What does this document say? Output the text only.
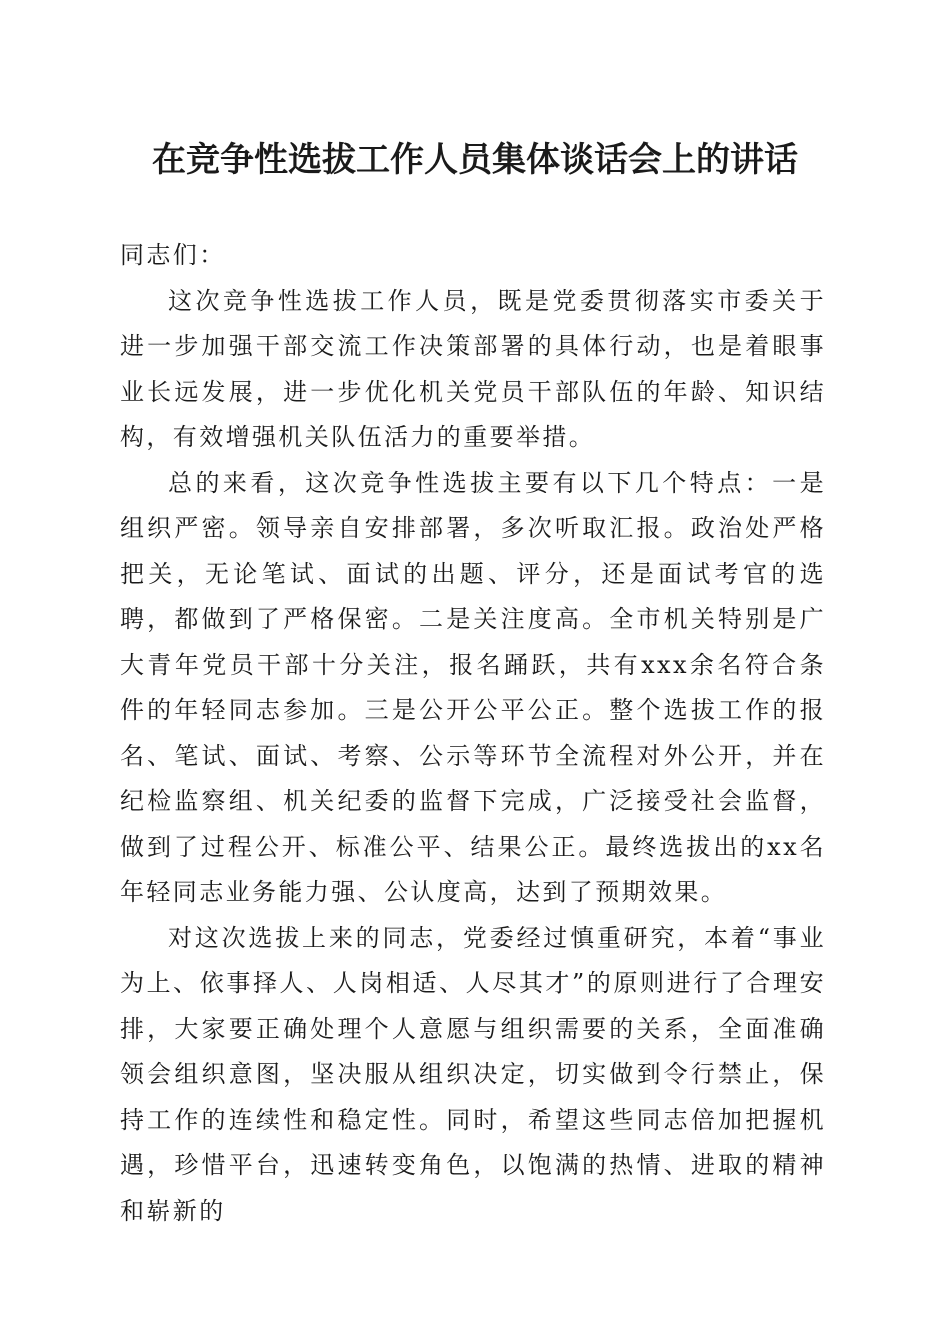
在竞争性选拔工作人员集体谈话会上的讲话

同志们：

这次竞争性选拔工作人员，既是党委贯彻落实市委关于进一步加强干部交流工作决策部署的具体行动，也是着眼事业长远发展，进一步优化机关党员干部队伍的年龄、知识结构，有效增强机关队伍活力的重要举措。

总的来看，这次竞争性选拔主要有以下几个特点：一是组织严密。领导亲自安排部署，多次听取汇报。政治处严格把关，无论笔试、面试的出题、评分，还是面试考官的选聘，都做到了严格保密。二是关注度高。全市机关特别是广大青年党员干部十分关注，报名踊跃，共有xxx余名符合条件的年轻同志参加。三是公开公平公正。整个选拔工作的报名、笔试、面试、考察、公示等环节全流程对外公开，并在纪检监察组、机关纪委的监督下完成，广泛接受社会监督，做到了过程公开、标准公平、结果公正。最终选拔出的xx名年轻同志业务能力强、公认度高，达到了预期效果。

对这次选拔上来的同志，党委经过慎重研究，本着“事业为上、依事择人、人岗相适、人尽其才”的原则进行了合理安排，大家要正确处理个人意愿与组织需要的关系，全面准确领会组织意图，坚决服从组织决定，切实做到令行禁止，保持工作的连续性和稳定性。同时，希望这些同志倍加把握机遇，珍惜平台，迅速转变角色，以饱满的热情、进取的精神和崭新的
